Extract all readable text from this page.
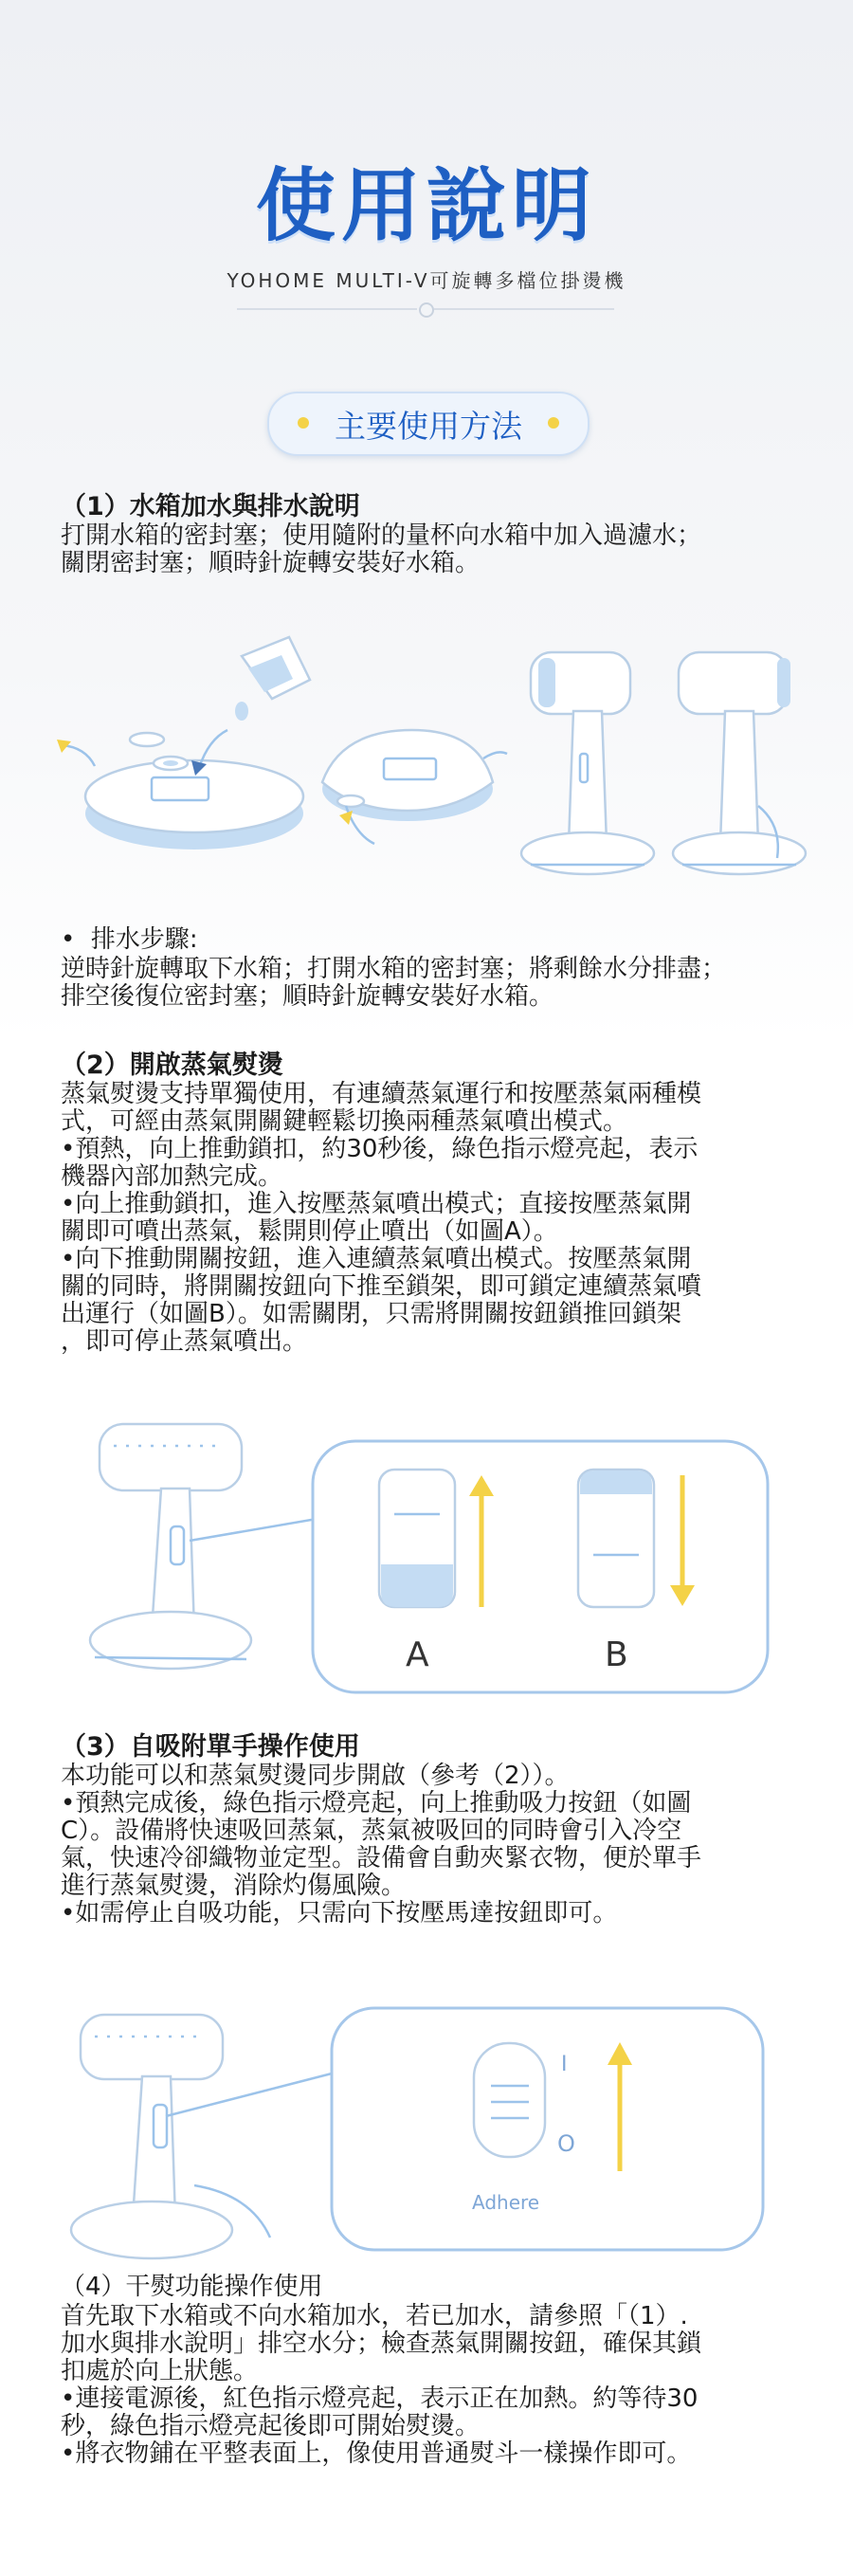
使用說明
YOHOME MULTI-V可旋轉多檔位掛燙機
主要使用方法
（1）水箱加水與排水說明
打開水箱的密封塞；使用隨附的量杯向水箱中加入過濾水；
關閉密封塞；順時針旋轉安裝好水箱。
•  排水步驟:
逆時針旋轉取下水箱；打開水箱的密封塞；將剩餘水分排盡；
排空後復位密封塞；順時針旋轉安裝好水箱。
（2）開啟蒸氣熨燙
蒸氣熨燙支持單獨使用，有連續蒸氣運行和按壓蒸氣兩種模
式，可經由蒸氣開關鍵輕鬆切換兩種蒸氣噴出模式。
•預熱，向上推動鎖扣，約30秒後，綠色指示燈亮起，表示
機器內部加熱完成。
•向上推動鎖扣，進入按壓蒸氣噴出模式；直接按壓蒸氣開
關即可噴出蒸氣，鬆開則停止噴出（如圖A）。
•向下推動開關按鈕，進入連續蒸氣噴出模式。按壓蒸氣開
關的同時，將開關按鈕向下推至鎖架，即可鎖定連續蒸氣噴
出運行（如圖B）。如需關閉，只需將開關按鈕鎖推回鎖架
，即可停止蒸氣噴出。
A	B
（3）自吸附單手操作使用
本功能可以和蒸氣熨燙同步開啟（參考（2））。
•預熱完成後，綠色指示燈亮起，向上推動吸力按鈕（如圖
C）。設備將快速吸回蒸氣，蒸氣被吸回的同時會引入冷空
氣，快速冷卻織物並定型。設備會自動夾緊衣物，便於單手
進行蒸氣熨燙，消除灼傷風險。
•如需停止自吸功能，只需向下按壓馬達按鈕即可。
I
O
Adhere
（4）干熨功能操作使用
首先取下水箱或不向水箱加水，若已加水，請參照「（1）.
加水與排水說明」排空水分；檢查蒸氣開關按鈕，確保其鎖
扣處於向上狀態。
•連接電源後，紅色指示燈亮起，表示正在加熱。約等待30
秒，綠色指示燈亮起後即可開始熨燙。
•將衣物鋪在平整表面上，像使用普通熨斗一樣操作即可。
